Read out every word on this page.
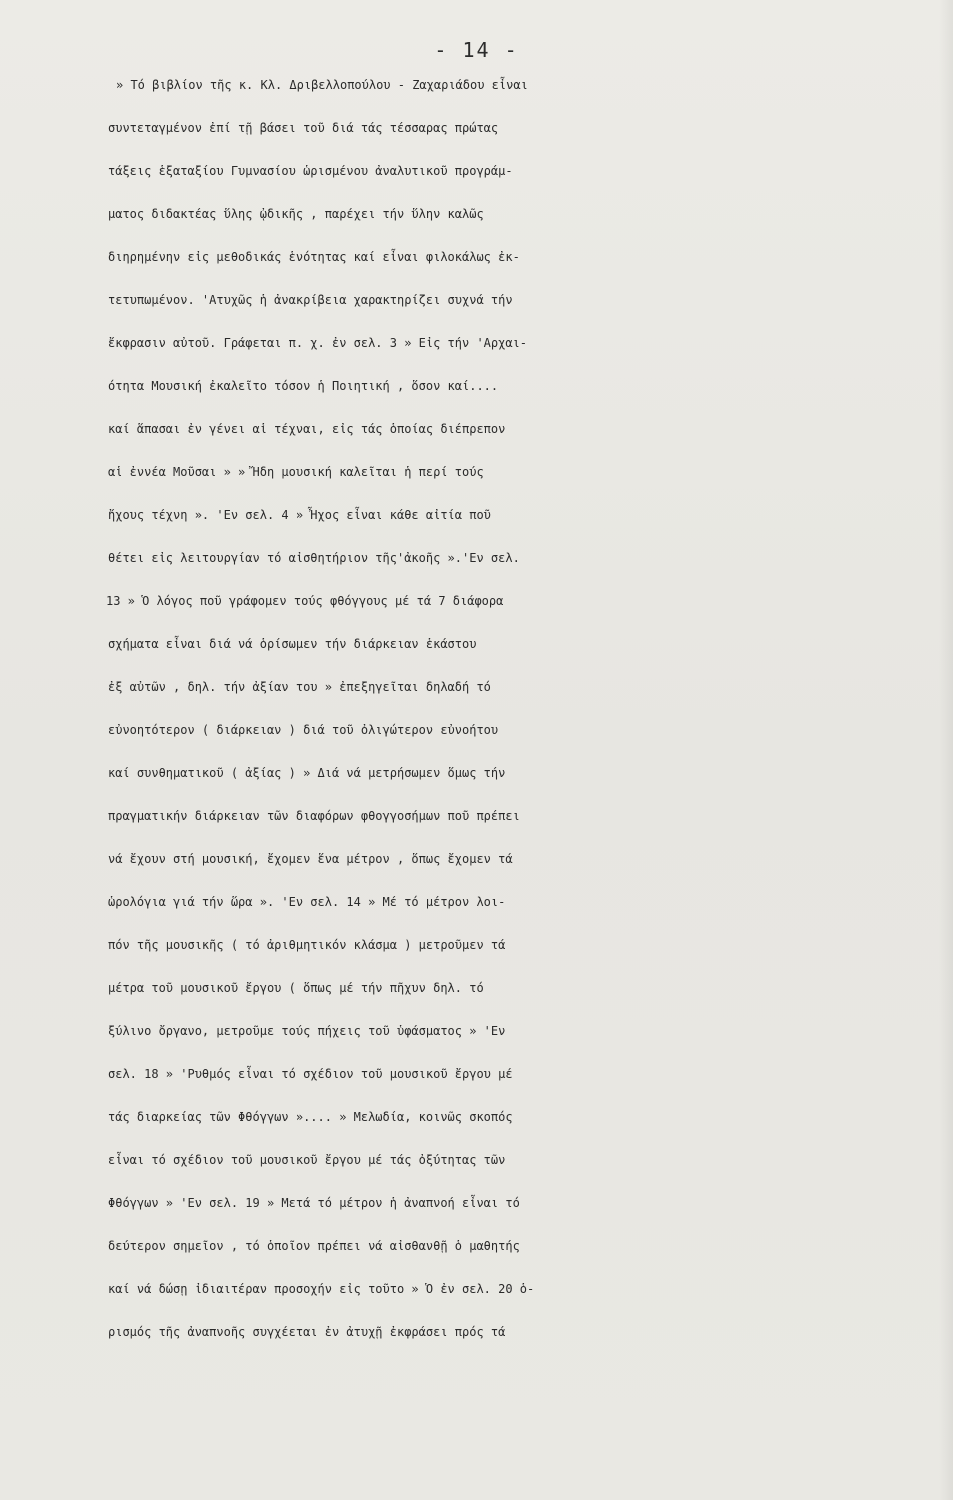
- 14 -
» Τό βιβλίον τῆς κ. Κλ. Δριβελλοπούλου - Ζαχαριάδου εἶναι
συντεταγμένον ἐπί τῇ βάσει τοῦ διά τάς τέσσαρας πρώτας
τάξεις ἑξαταξίου Γυμνασίου ὡρισμένου ἀναλυτικοῦ προγράμ-
ματος διδακτέας ὕλης ᾠδικῆς , παρέχει τήν ὕλην καλῶς
διηρημένην εἰς μεθοδικάς ἑνότητας καί εἶναι φιλοκάλως ἐκ-
τετυπωμένον. 'Ατυχῶς ἡ ἀνακρίβεια χαρακτηρίζει συχνά τήν
ἔκφρασιν αὐτοῦ. Γράφεται π. χ. ἐν σελ. 3 » Εἰς τήν 'Αρχαι-
ότητα Μουσική ἐκαλεῖτο τόσον ἡ Ποιητική , ὅσον καί....
καί ἅπασαι ἐν γένει αἱ τέχναι, εἰς τάς ὁποίας διέπρεπον
αἱ ἐννέα Μοῦσαι » » Ἤδη μουσική καλεῖται ἡ περί τούς
ἤχους τέχνη ». 'Εν σελ. 4 » Ἦχος εἶναι κάθε αἰτία ποῦ
θέτει εἰς λειτουργίαν τό αἰσθητήριον τῆς'ἀκοῆς ».'Εν σελ.
13 » Ὁ λόγος ποῦ γράφομεν τούς φθόγγους μέ τά 7 διάφορα
σχήματα εἶναι διά νά ὁρίσωμεν τήν διάρκειαν ἑκάστου
ἐξ αὐτῶν , δηλ. τήν ἀξίαν του » ἐπεξηγεῖται δηλαδή τό
εὐνοητότερον ( διάρκειαν ) διά τοῦ ὀλιγώτερον εὐνοήτου
καί συνθηματικοῦ ( ἀξίας ) » Διά νά μετρήσωμεν ὅμως τήν
πραγματικήν διάρκειαν τῶν διαφόρων φθογγοσήμων ποῦ πρέπει
νά ἔχουν στή μουσική, ἔχομεν ἕνα μέτρον , ὅπως ἔχομεν τά
ὡρολόγια γιά τήν ὥρα ». 'Εν σελ. 14 » Μέ τό μέτρον λοι-
πόν τῆς μουσικῆς ( τό ἀριθμητικόν κλάσμα ) μετροῦμεν τά
μέτρα τοῦ μουσικοῦ ἔργου ( ὅπως μέ τήν πῆχυν δηλ. τό
ξύλινο ὄργανο, μετροῦμε τούς πήχεις τοῦ ὑφάσματος » 'Εν
σελ. 18 » 'Ρυθμός εἶναι τό σχέδιον τοῦ μουσικοῦ ἔργου μέ
τάς διαρκείας τῶν Φθόγγων ».... » Μελωδία, κοινῶς σκοπός
εἶναι τό σχέδιον τοῦ μουσικοῦ ἔργου μέ τάς ὀξύτητας τῶν
Φθόγγων » 'Εν σελ. 19 » Μετά τό μέτρον ἡ ἀναπνοή εἶναι τό
δεύτερον σημεῖον , τό ὁποῖον πρέπει νά αἰσθανθῇ ὁ μαθητής
καί νά δώσῃ ἰδιαιτέραν προσοχήν εἰς τοῦτο » Ὁ ἐν σελ. 20 ὁ-
ρισμός τῆς ἀναπνοῆς συγχέεται ἐν ἀτυχῇ ἐκφράσει πρός τά
